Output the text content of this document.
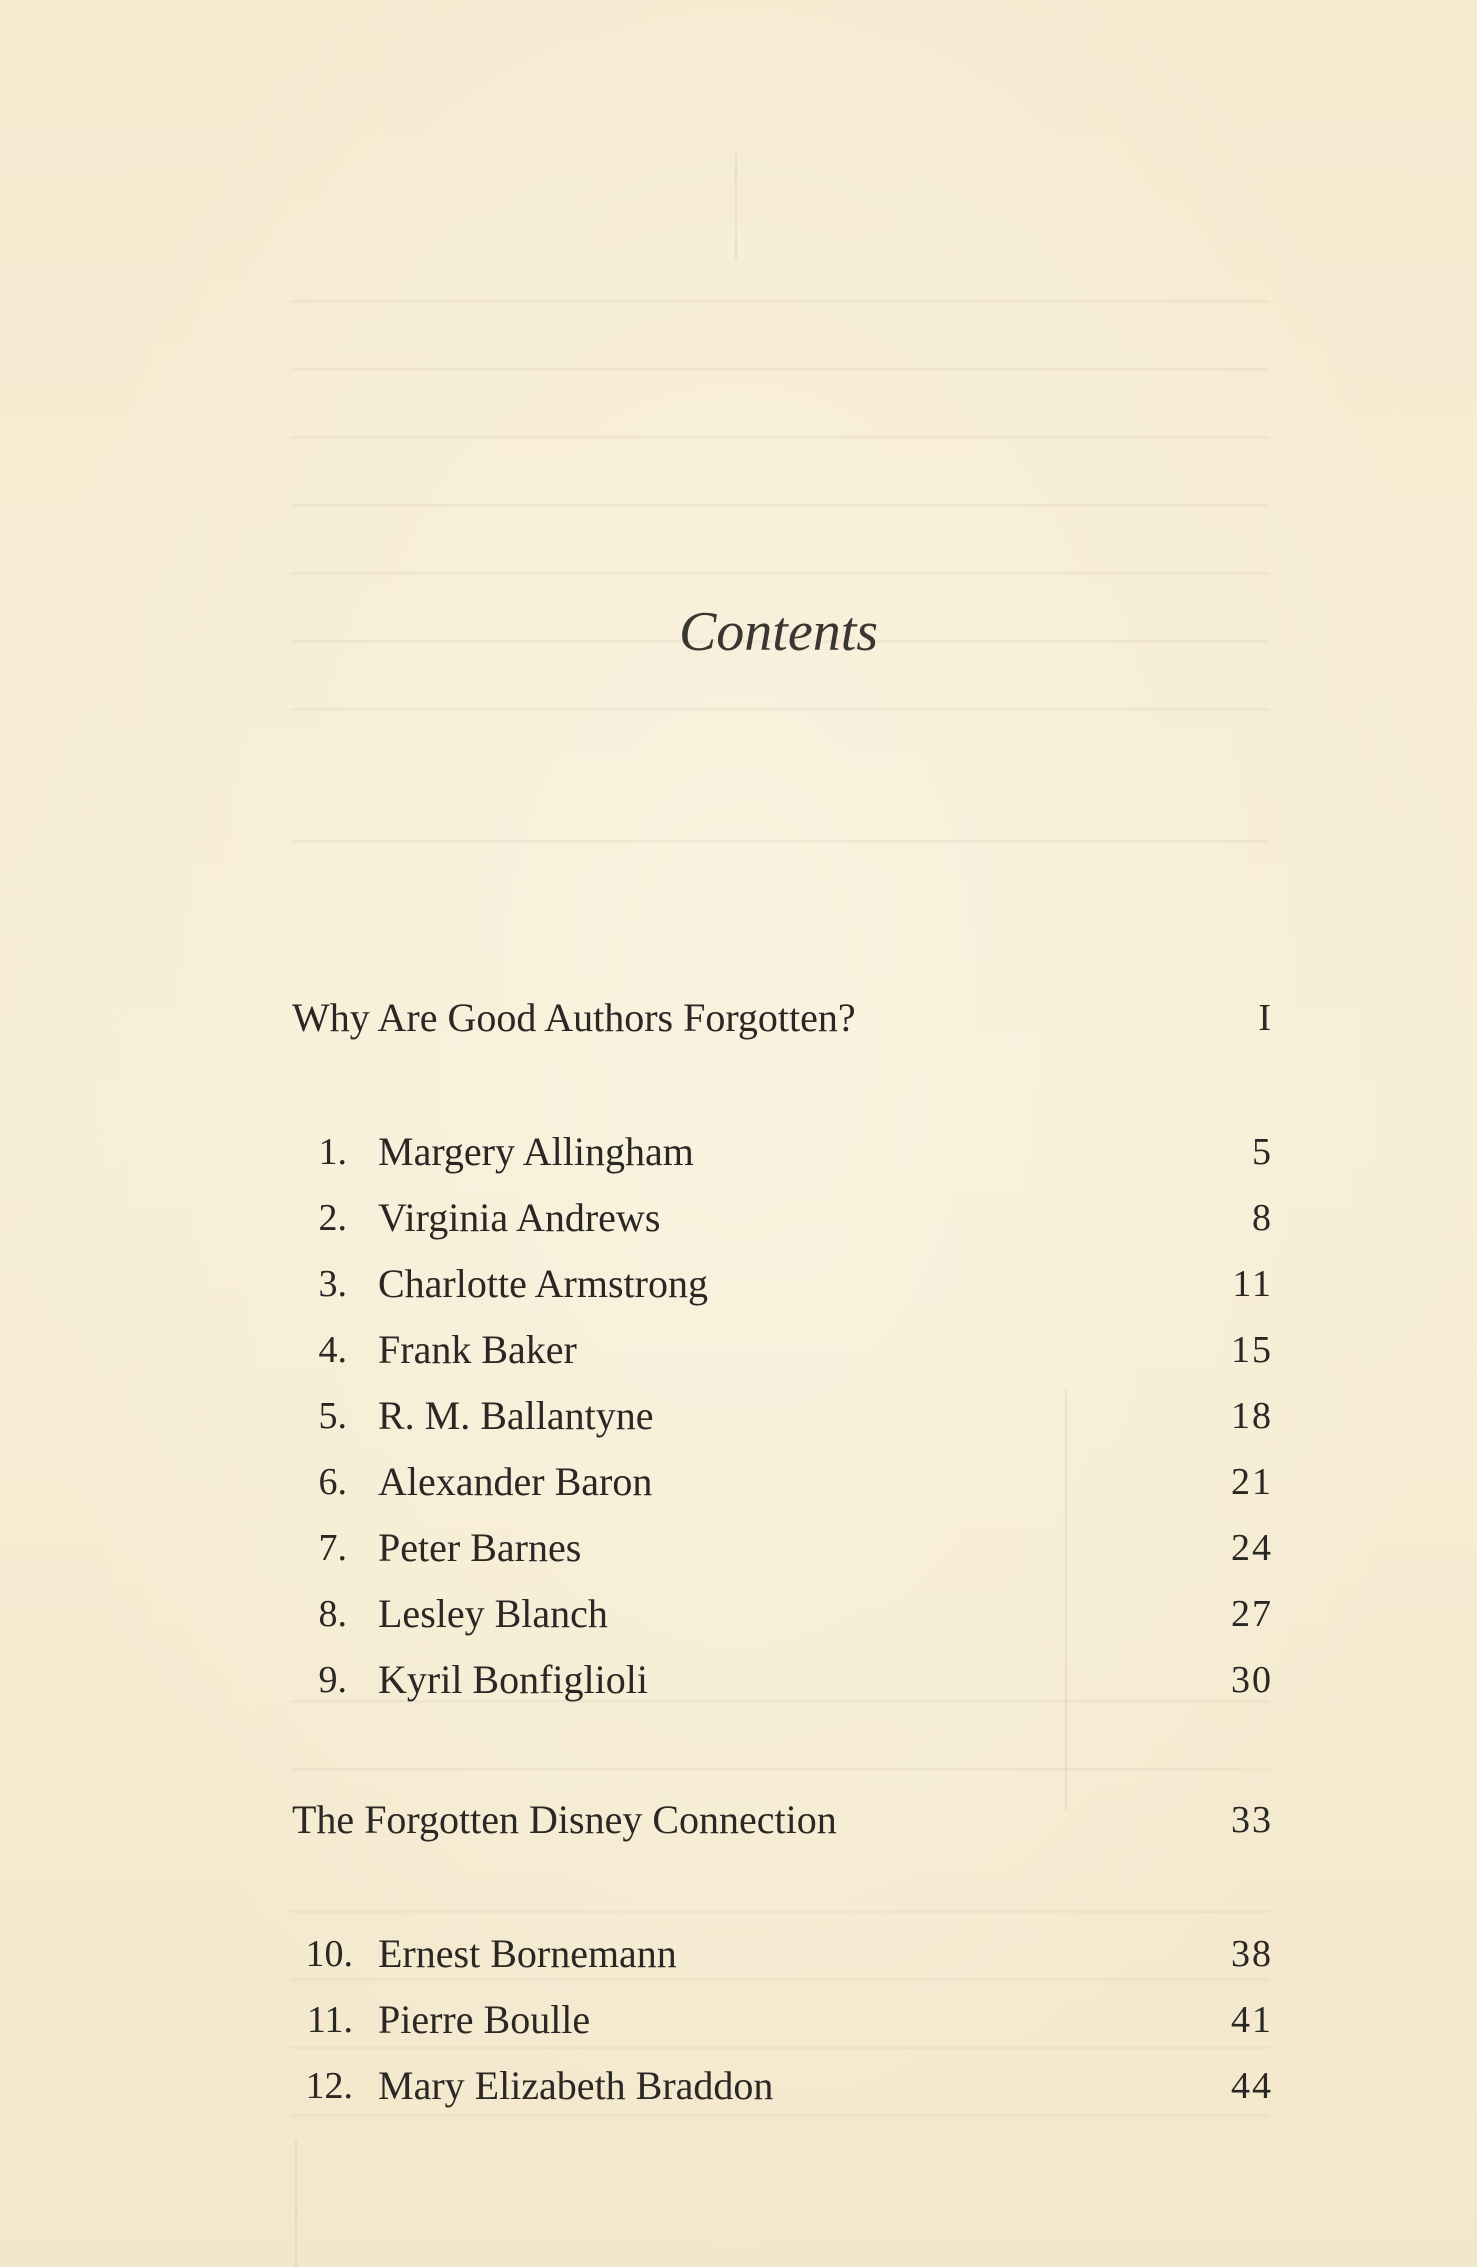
Contents
Why Are Good Authors Forgotten?	I
1. Margery Allingham	5
2. Virginia Andrews	8
3. Charlotte Armstrong	11
4. Frank Baker	15
5. R. M. Ballantyne	18
6. Alexander Baron	21
7. Peter Barnes	24
8. Lesley Blanch	27
9. Kyril Bonfiglioli	30
The Forgotten Disney Connection	33
10. Ernest Bornemann	38
11. Pierre Boulle	41
12. Mary Elizabeth Braddon	44
